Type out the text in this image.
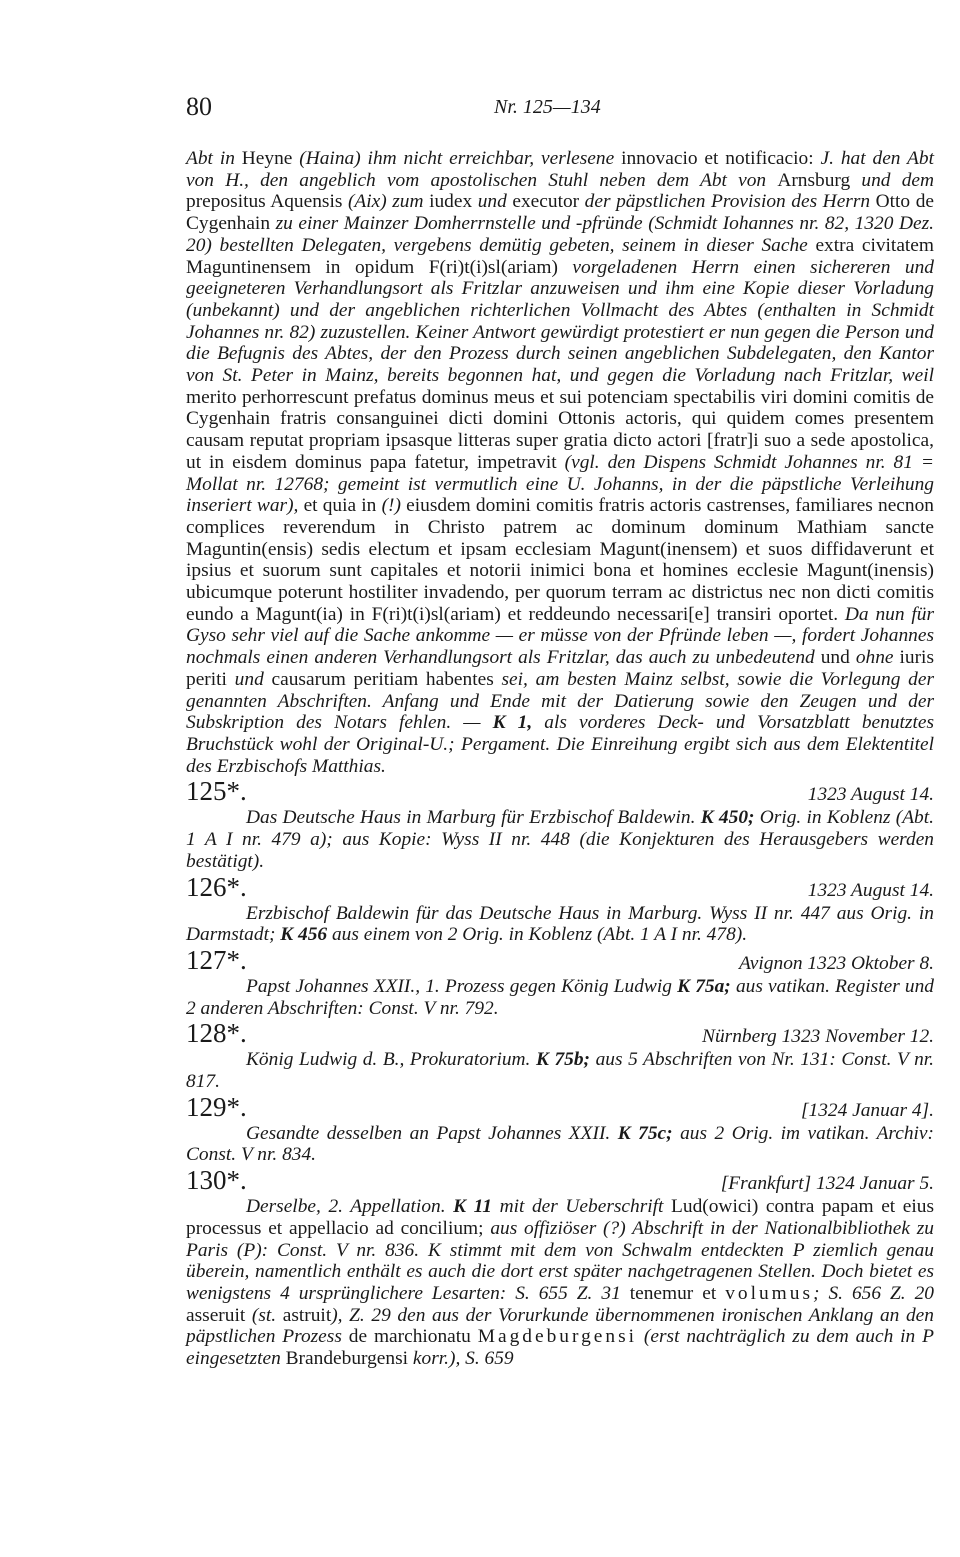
80	Nr. 125—134

Abt in Heyne (Haina) ihm nicht erreichbar, verlesene innovacio et notificacio: J. hat den Abt von H., den angeblich vom apostolischen Stuhl neben dem Abt von Arnsburg und dem prepositus Aquensis (Aix) zum iudex und executor der päpstlichen Provision des Herrn Otto de Cygenhain zu einer Mainzer Domherrnstelle und -pfründe (Schmidt Iohannes nr. 82, 1320 Dez. 20) bestellten Delegaten, vergebens demütig gebeten, seinem in dieser Sache extra civitatem Maguntinensem in opidum F(ri)t(i)sl(ariam) vorgeladenen Herrn einen sichereren und geeigneteren Verhandlungsort als Fritzlar anzuweisen und ihm eine Kopie dieser Vorladung (unbekannt) und der angeblichen richterlichen Vollmacht des Abtes (enthalten in Schmidt Johannes nr. 82) zuzustellen. Keiner Antwort gewürdigt protestiert er nun gegen die Person und die Befugnis des Abtes, der den Prozess durch seinen angeblichen Subdelegaten, den Kantor von St. Peter in Mainz, bereits begonnen hat, und gegen die Vorladung nach Fritzlar, weil merito perhorrescunt prefatus dominus meus et sui potenciam spectabilis viri domini comitis de Cygenhain fratris consanguinei dicti domini Ottonis actoris, qui quidem comes presentem causam reputat propriam ipsasque litteras super gratia dicto actori [fratr]i suo a sede apostolica, ut in eisdem dominus papa fatetur, impetravit (vgl. den Dispens Schmidt Johannes nr. 81 = Mollat nr. 12768; gemeint ist vermutlich eine U. Johanns, in der die päpstliche Verleihung inseriert war), et quia in (!) eiusdem domini comitis fratris actoris castrenses, familiares necnon complices reverendum in Christo patrem ac dominum dominum Mathiam sancte Maguntin(ensis) sedis electum et ipsam ecclesiam Magunt(inensem) et suos diffidaverunt et ipsius et suorum sunt capitales et notorii inimici bona et homines ecclesie Magunt(inensis) ubicumque poterunt hostiliter invadendo, per quorum terram ac districtus nec non dicti comitis eundo a Magunt(ia) in F(ri)t(i)sl(ariam) et reddeundo necessari[e] transiri oportet. Da nun für Gyso sehr viel auf die Sache ankomme — er müsse von der Pfründe leben —, fordert Johannes nochmals einen anderen Verhandlungsort als Fritzlar, das auch zu unbedeutend und ohne iuris periti und causarum peritiam habentes sei, am besten Mainz selbst, sowie die Vorlegung der genannten Abschriften. Anfang und Ende mit der Datierung sowie den Zeugen und der Subskription des Notars fehlen. — K 1, als vorderes Deck- und Vorsatzblatt benutztes Bruchstück wohl der Original-U.; Pergament. Die Einreihung ergibt sich aus dem Elektentitel des Erzbischofs Matthias.

125*.	1323 August 14.

Das Deutsche Haus in Marburg für Erzbischof Baldewin. K 450; Orig. in Koblenz (Abt. 1 A I nr. 479 a); aus Kopie: Wyss II nr. 448 (die Konjekturen des Herausgebers werden bestätigt).

126*.	1323 August 14.

Erzbischof Baldewin für das Deutsche Haus in Marburg. Wyss II nr. 447 aus Orig. in Darmstadt; K 456 aus einem von 2 Orig. in Koblenz (Abt. 1 A I nr. 478).

127*.	Avignon 1323 Oktober 8.

Papst Johannes XXII., 1. Prozess gegen König Ludwig K 75a; aus vatikan. Register und 2 anderen Abschriften: Const. V nr. 792.

128*.	Nürnberg 1323 November 12.

König Ludwig d. B., Prokuratorium. K 75b; aus 5 Abschriften von Nr. 131: Const. V nr. 817.

129*.	[1324 Januar 4].

Gesandte desselben an Papst Johannes XXII. K 75c; aus 2 Orig. im vatikan. Archiv: Const. V nr. 834.

130*.	[Frankfurt] 1324 Januar 5.

Derselbe, 2. Appellation. K 11 mit der Ueberschrift Lud(owici) contra papam et eius processus et appellacio ad concilium; aus offiziöser (?) Abschrift in der Nationalbibliothek zu Paris (P): Const. V nr. 836. K stimmt mit dem von Schwalm entdeckten P ziemlich genau überein, namentlich enthält es auch die dort erst später nachgetragenen Stellen. Doch bietet es wenigstens 4 ursprünglichere Lesarten: S. 655 Z. 31 tenemur et volumus; S. 656 Z. 20 asseruit (st. astruit), Z. 29 den aus der Vorurkunde übernommenen ironischen Anklang an den päpstlichen Prozess de marchionatu Magdeburgensi (erst nachträglich zu dem auch in P eingesetzten Brandeburgensi korr.), S. 659
